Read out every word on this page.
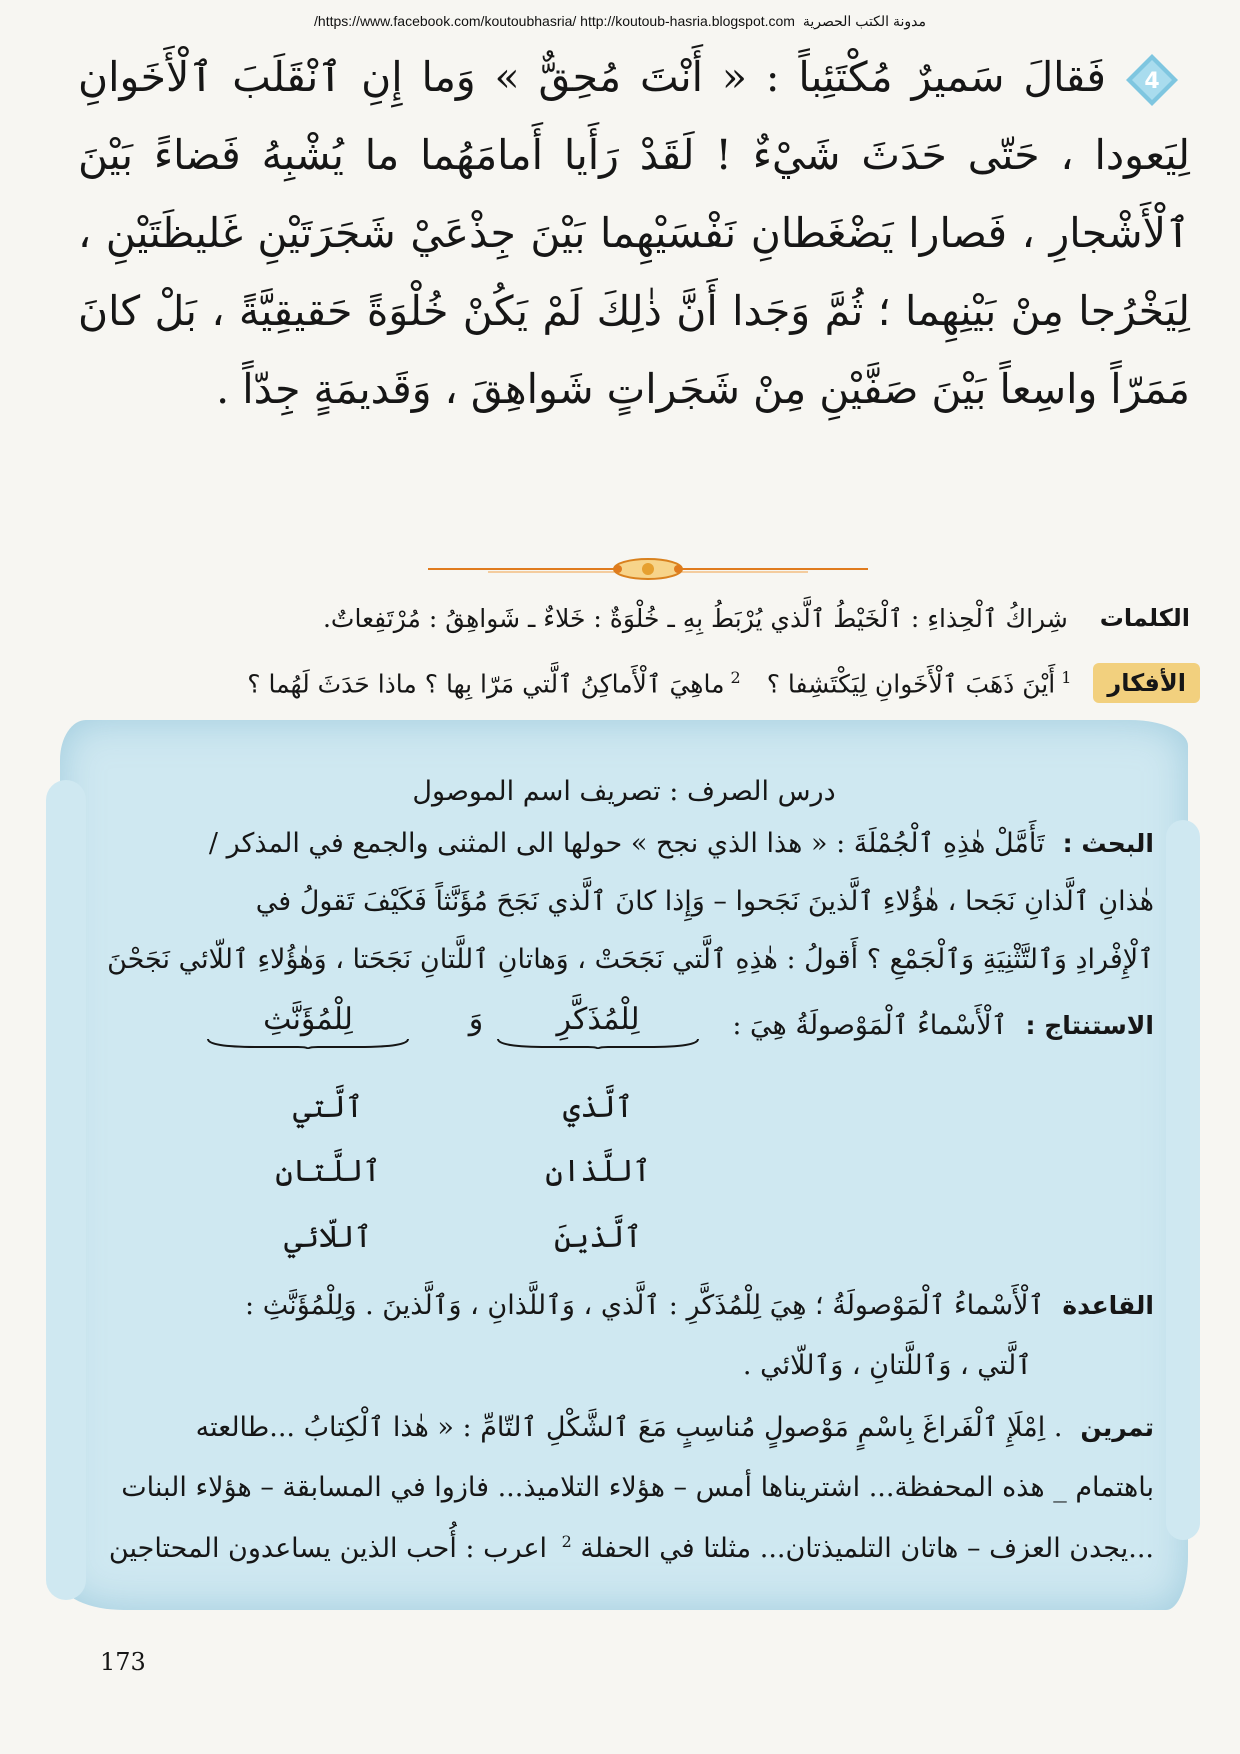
/https://www.facebook.com/koutoubhasria/ http://koutoub-hasria.blogspot.com مدونة الكتب الحصرية
4

فَقالَ سَميرٌ مُكْتَئِباً : « أَنْتَ مُحِقٌّ » وَما إِنِ ٱنْقَلَبَ ٱلْأَخَوانِ لِيَعودا ، حَتّى حَدَثَ شَيْءٌ ! لَقَدْ رَأَيا أَمامَهُما ما يُشْبِهُ فَضاءً بَيْنَ ٱلْأَشْجارِ ، فَصارا يَضْغَطانِ نَفْسَيْهِما بَيْنَ جِذْعَيْ شَجَرَتَيْنِ غَليظَتَيْنِ ، لِيَخْرُجا مِنْ بَيْنِهِما ؛ ثُمَّ وَجَدا أَنَّ ذٰلِكَ لَمْ يَكُنْ خُلْوَةً حَقيقِيَّةً ، بَلْ كانَ مَمَرّاً واسِعاً بَيْنَ صَفَّيْنِ مِنْ شَجَراتٍ شَواهِقَ ، وَقَديمَةٍ جِدّاً .

الكلمات
شِراكُ ٱلْحِذاءِ : ٱلْخَيْطُ ٱلَّذي يُرْبَطُ بِهِ ـ خُلْوَةٌ : خَلاءٌ ـ شَواهِقُ : مُرْتَفِعاتٌ.
الأفكار
$^1$أَيْنَ ذَهَبَ ٱلْأَخَوانِ لِيَكْتَشِفا ؟$^2$ماهِيَ ٱلْأَماكِنُ ٱلَّتي مَرّا بِها ؟ ماذا حَدَثَ لَهُما ؟
درس الصرف : تصريف اسم الموصول
البحث :تَأَمَّلْ هٰذِهِ ٱلْجُمْلَةَ : « هذا الذي نجح » حولها الى المثنى والجمع في المذكر /
هٰذانِ ٱلَّذانِ نَجَحا ، هٰؤُلاءِ ٱلَّذينَ نَجَحوا – وَإِذا كانَ ٱلَّذي نَجَحَ مُؤَنَّثاً فَكَيْفَ تَقولُ في
ٱلْإِفْرادِ وَٱلتَّثْنِيَةِ وَٱلْجَمْعِ ؟ أَقولُ : هٰذِهِ ٱلَّتي نَجَحَتْ ، وَهاتانِ ٱللَّتانِ نَجَحَتا ، وَهٰؤُلاءِ ٱللّائي نَجَحْنَ
الاستنتاج :ٱلْأَسْماءُ ٱلْمَوْصولَةُ هِيَ :
لِلْمُذَكَّرِ
وَ
لِلْمُؤَنَّثِ
ٱلَّذي
ٱللَّذانِ
ٱلَّذينَ
ٱلَّتي
ٱللَّتانِ
ٱللّائي
القاعدةٱلْأَسْماءُ ٱلْمَوْصولَةُ ؛ هِيَ لِلْمُذَكَّرِ : ٱلَّذي ، وَٱللَّذانِ ، وَٱلَّذينَ . وَلِلْمُؤَنَّثِ :
ٱلَّتي ، وَٱللَّتانِ ، وَٱللّائي .
تمرين. اِمْلَإِ ٱلْفَراغَ بِاسْمٍ مَوْصولٍ مُناسِبٍ مَعَ ٱلشَّكْلِ ٱلتّامِّ : « هٰذا ٱلْكِتابُ ...طالعته
باهتمام _ هذه المحفظة... اشتريناها أمس – هؤلاء التلاميذ... فازوا في المسابقة – هؤلاء البنات
...يجدن العزف – هاتان التلميذتان... مثلتا في الحفلة $^2$ اعرب : أُحب الذين يساعدون المحتاجين
173
